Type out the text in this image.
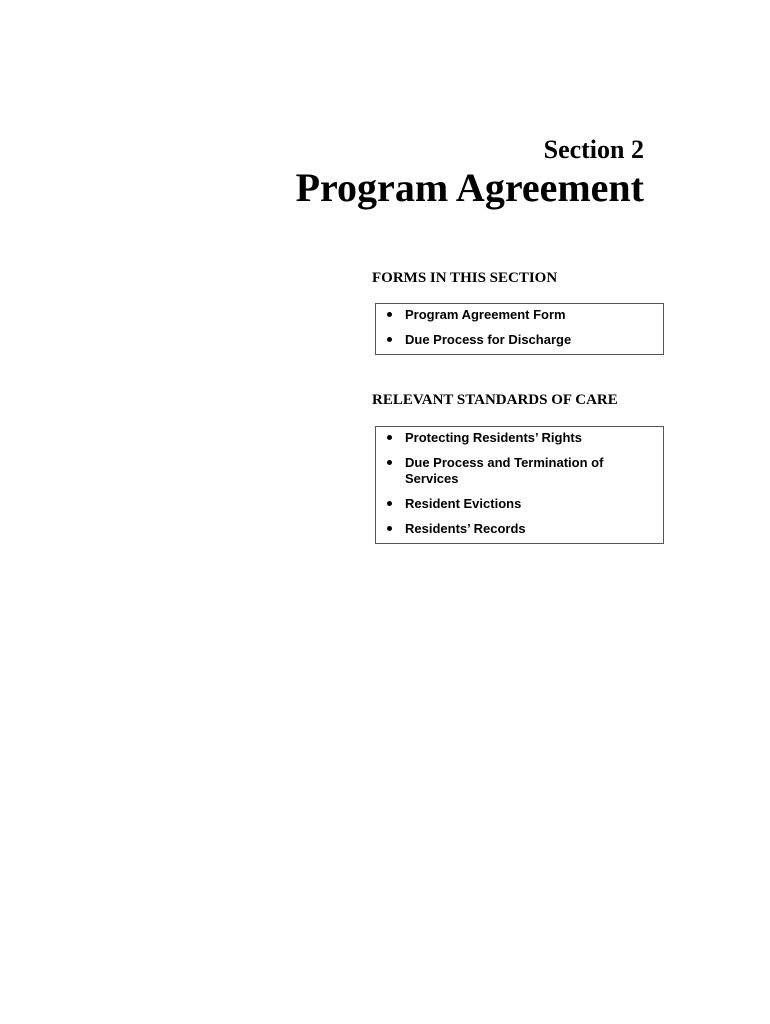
Section 2
Program Agreement
FORMS IN THIS SECTION
Program Agreement Form
Due Process for Discharge
RELEVANT STANDARDS OF CARE
Protecting Residents’ Rights
Due Process and Termination of Services
Resident Evictions
Residents’ Records
